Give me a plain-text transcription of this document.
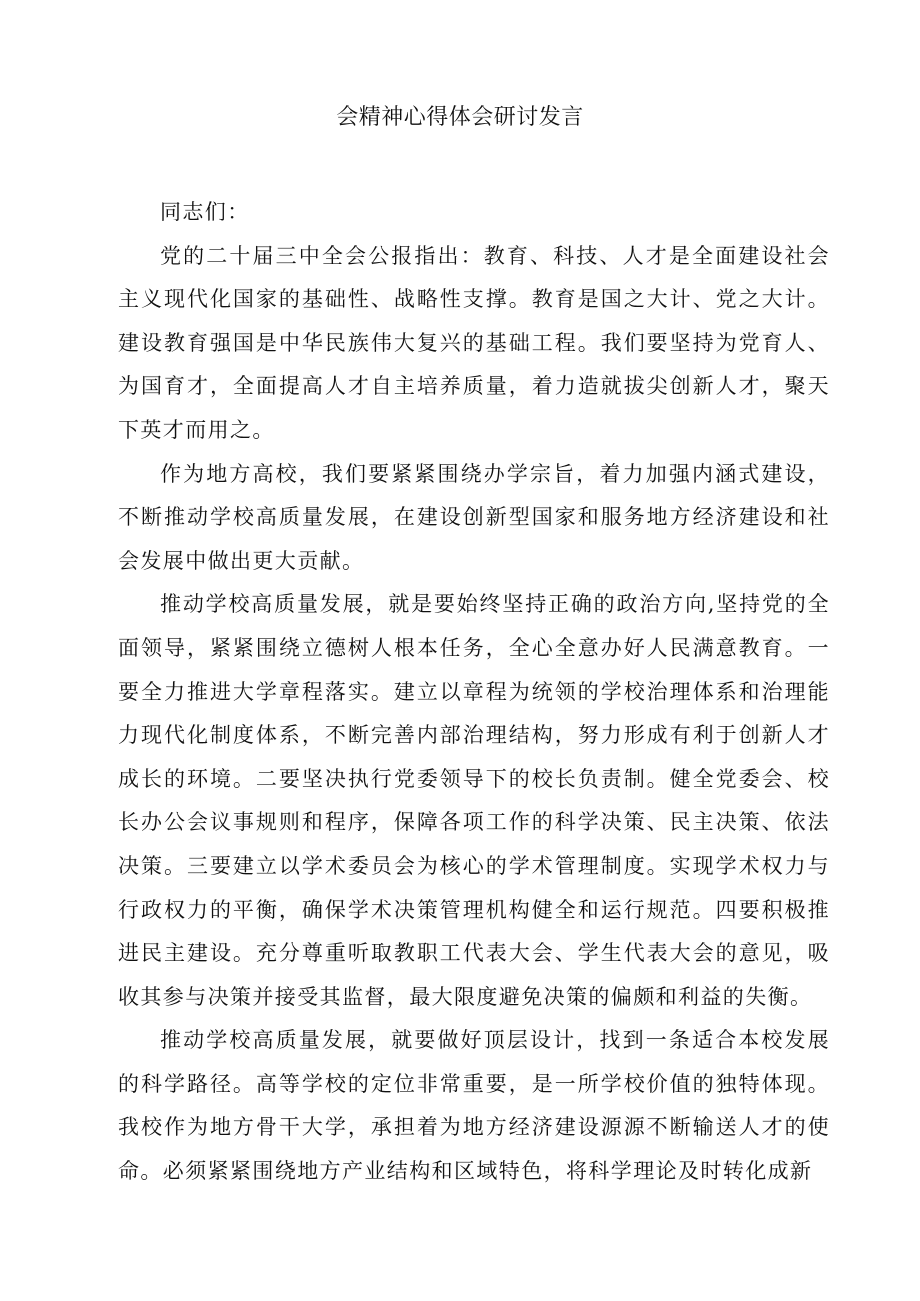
会精神心得体会研讨发言

同志们：

党的二十届三中全会公报指出：教育、科技、人才是全面建设社会主义现代化国家的基础性、战略性支撑。教育是国之大计、党之大计。建设教育强国是中华民族伟大复兴的基础工程。我们要坚持为党育人、为国育才，全面提高人才自主培养质量，着力造就拔尖创新人才，聚天下英才而用之。

作为地方高校，我们要紧紧围绕办学宗旨，着力加强内涵式建设，不断推动学校高质量发展，在建设创新型国家和服务地方经济建设和社会发展中做出更大贡献。

推动学校高质量发展，就是要始终坚持正确的政治方向,坚持党的全面领导，紧紧围绕立德树人根本任务，全心全意办好人民满意教育。一要全力推进大学章程落实。建立以章程为统领的学校治理体系和治理能力现代化制度体系，不断完善内部治理结构，努力形成有利于创新人才成长的环境。二要坚决执行党委领导下的校长负责制。健全党委会、校长办公会议事规则和程序，保障各项工作的科学决策、民主决策、依法决策。三要建立以学术委员会为核心的学术管理制度。实现学术权力与行政权力的平衡，确保学术决策管理机构健全和运行规范。四要积极推进民主建设。充分尊重听取教职工代表大会、学生代表大会的意见，吸收其参与决策并接受其监督，最大限度避免决策的偏颇和利益的失衡。

推动学校高质量发展，就要做好顶层设计，找到一条适合本校发展的科学路径。高等学校的定位非常重要，是一所学校价值的独特体现。我校作为地方骨干大学，承担着为地方经济建设源源不断输送人才的使命。必须紧紧围绕地方产业结构和区域特色，将科学理论及时转化成新
